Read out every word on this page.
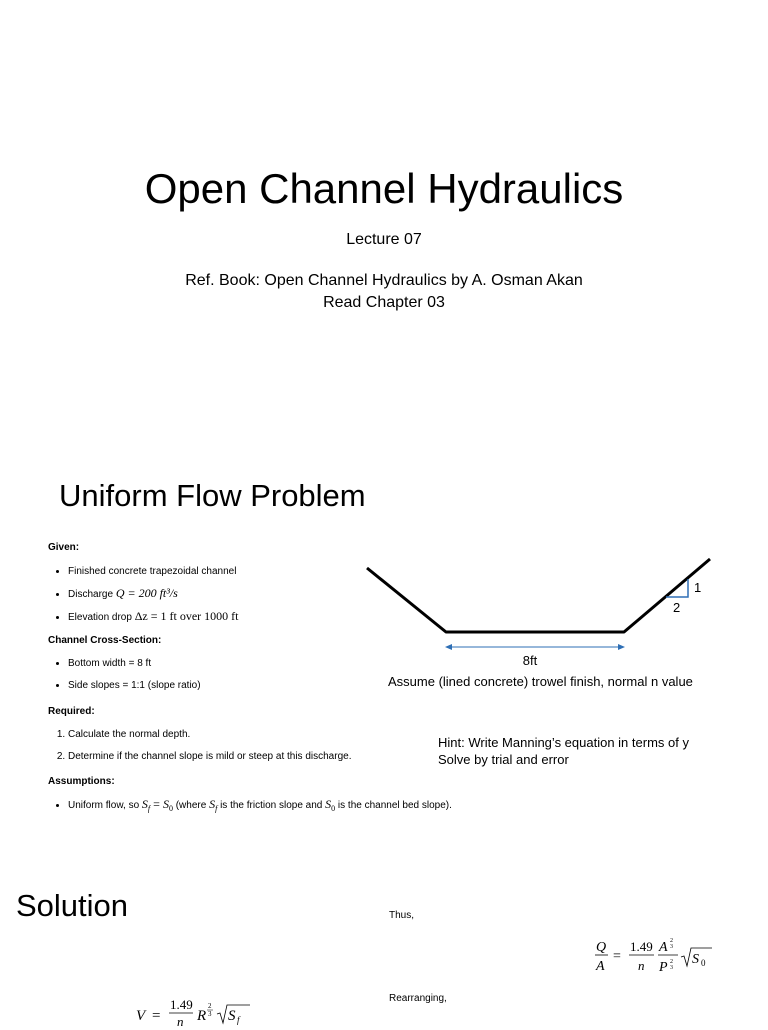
Open Channel Hydraulics
Lecture 07
Ref. Book: Open Channel Hydraulics by A. Osman Akan
Read Chapter 03
Uniform Flow Problem
Given:
• Finished concrete trapezoidal channel
• Discharge Q = 200 ft³/s
• Elevation drop Δz = 1 ft over 1000 ft
Channel Cross-Section:
• Bottom width = 8 ft
• Side slopes = 1:1 (slope ratio)
Required:
1. Calculate the normal depth.
2. Determine if the channel slope is mild or steep at this discharge.
Assumptions:
• Uniform flow, so $S_f = S_0$ (where $S_f$ is the friction slope and $S_0$ is the channel bed slope).
1
2
8ft
Assume (lined concrete) trowel finish, normal n value
Hint: Write Manning’s equation in terms of y
Solve by trial and error
Solution	Thus,
Rearranging,
V =
1.49
n R
2
3 S f
Q
A
=
1.49
n
A 2
3
P 2
3
S 0
